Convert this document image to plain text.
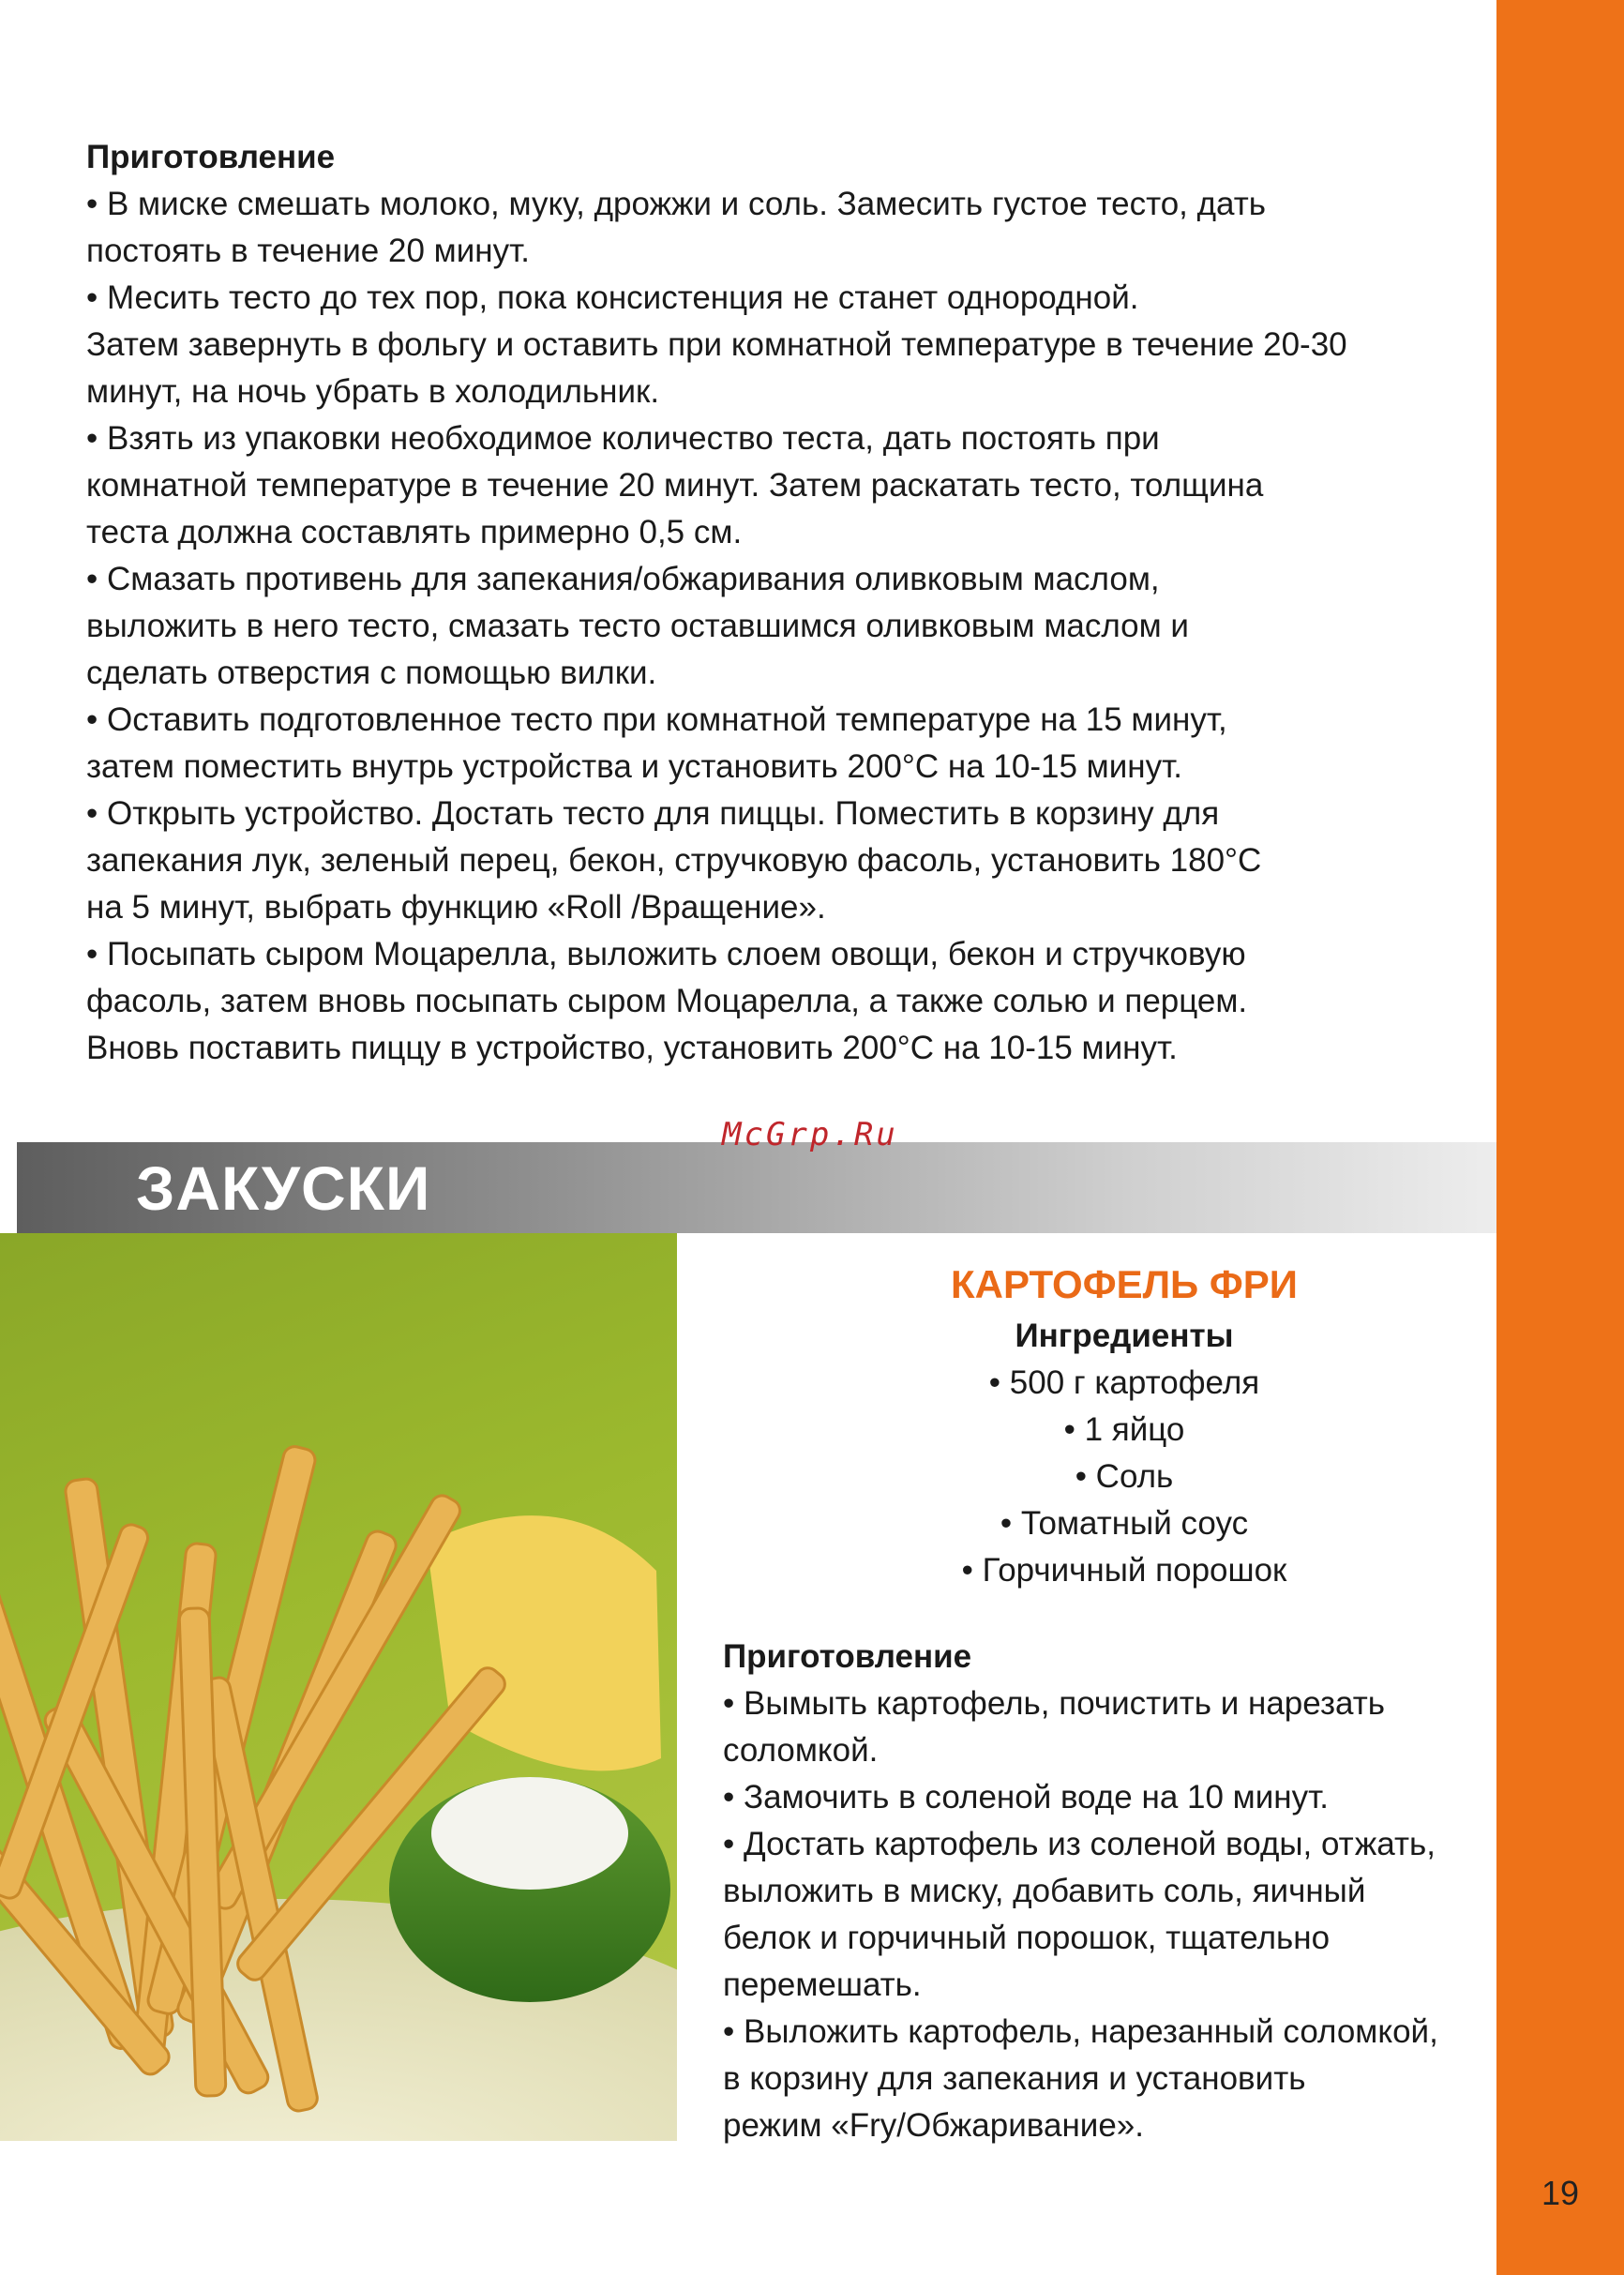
19

Приготовление

• В миске смешать молоко, муку, дрожжи и соль. Замесить густое тесто, дать
постоять в течение 20 минут.

• Месить тесто до тех пор, пока консистенция не станет однородной.
Затем завернуть в фольгу и оставить при комнатной температуре в течение 20-30
минут, на ночь убрать в холодильник.

• Взять из упаковки необходимое количество теста, дать постоять при
комнатной температуре в течение 20 минут. Затем раскатать тесто, толщина
теста должна составлять примерно 0,5 см.

• Смазать противень для запекания/обжаривания оливковым маслом,
выложить в него тесто, смазать тесто оставшимся оливковым маслом и
сделать отверстия с помощью вилки.

• Оставить подготовленное тесто при комнатной температуре на 15 минут,
затем поместить внутрь устройства и установить 200°С на 10-15 минут.

• Открыть устройство. Достать тесто для пиццы. Поместить в корзину для
запекания лук, зеленый перец, бекон, стручковую фасоль, установить 180°С
на 5 минут, выбрать функцию «Roll /Вращение».

• Посыпать сыром Моцарелла, выложить слоем овощи, бекон и стручковую
фасоль, затем вновь посыпать сыром Моцарелла, а также солью и перцем.
Вновь поставить пиццу в устройство, установить 200°С на 10-15 минут.

ЗАКУСКИ
McGrp.Ru

КАРТОФЕЛЬ ФРИ

Ингредиенты

• 500 г картофеля
• 1 яйцо
• Соль
• Томатный соус
• Горчичный порошок

Приготовление

• Вымыть картофель, почистить и нарезать
соломкой.

• Замочить в соленой воде на 10 минут.

• Достать картофель из соленой воды, отжать,
выложить в миску, добавить соль, яичный
белок и горчичный порошок, тщательно
перемешать.

• Выложить картофель, нарезанный соломкой,
в корзину для запекания и установить
режим «Fry/Обжаривание».
